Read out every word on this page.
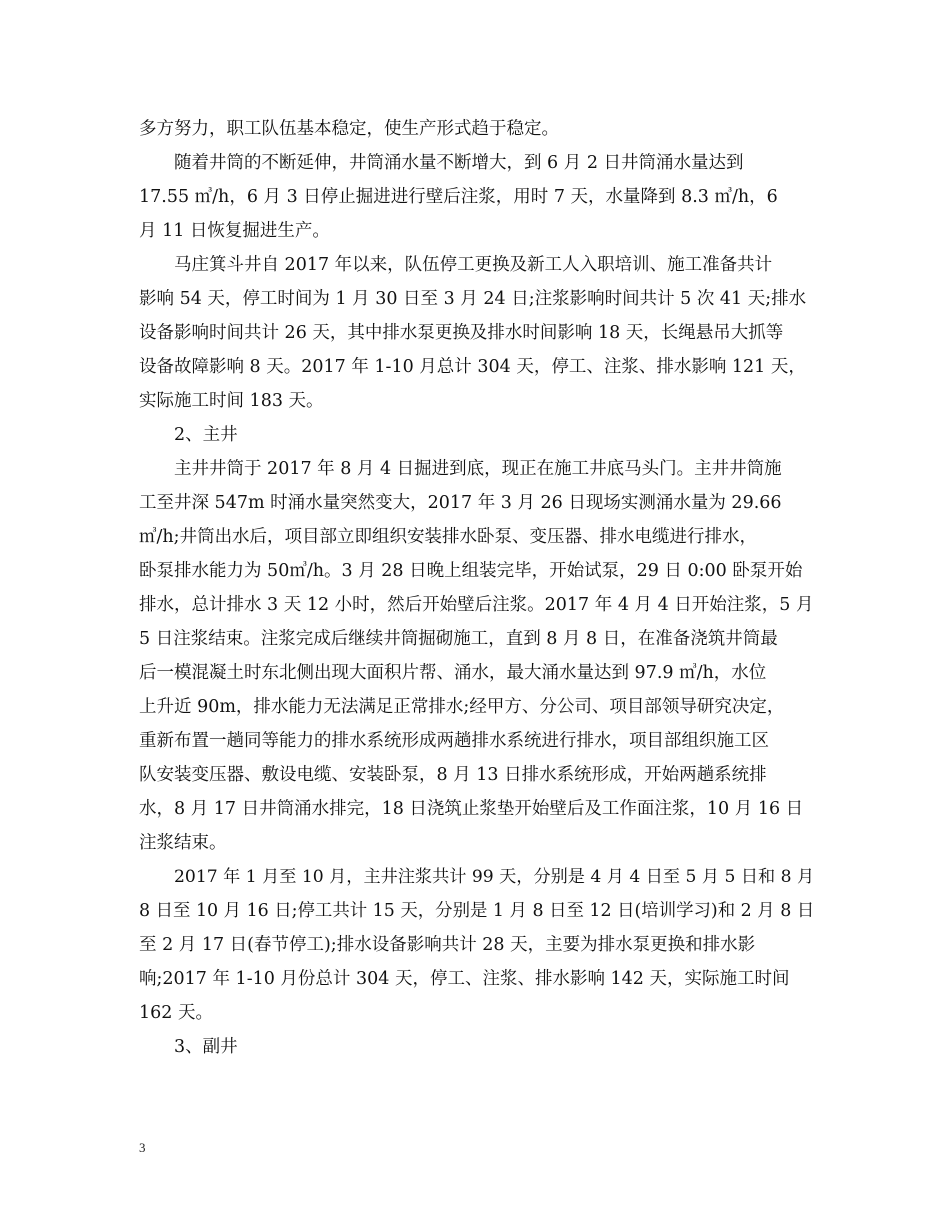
多方努力，职工队伍基本稳定，使生产形式趋于稳定。
随着井筒的不断延伸，井筒涌水量不断增大，到 6 月 2 日井筒涌水量达到
17.55 ㎥/h，6 月 3 日停止掘进进行壁后注浆，用时 7 天，水量降到 8.3 ㎥/h，6
月 11 日恢复掘进生产。
马庄箕斗井自 2017 年以来，队伍停工更换及新工人入职培训、施工准备共计
影响 54 天，停工时间为 1 月 30 日至 3 月 24 日;注浆影响时间共计 5 次 41 天;排水
设备影响时间共计 26 天，其中排水泵更换及排水时间影响 18 天，长绳悬吊大抓等
设备故障影响 8 天。2017 年 1-10 月总计 304 天，停工、注浆、排水影响 121 天，
实际施工时间 183 天。
2、主井
主井井筒于 2017 年 8 月 4 日掘进到底，现正在施工井底马头门。主井井筒施
工至井深 547m 时涌水量突然变大，2017 年 3 月 26 日现场实测涌水量为 29.66
㎥/h;井筒出水后，项目部立即组织安装排水卧泵、变压器、排水电缆进行排水，
卧泵排水能力为 50㎥/h。3 月 28 日晚上组装完毕，开始试泵，29 日 0:00 卧泵开始
排水，总计排水 3 天 12 小时，然后开始壁后注浆。2017 年 4 月 4 日开始注浆，5 月
5 日注浆结束。注浆完成后继续井筒掘砌施工，直到 8 月 8 日，在准备浇筑井筒最
后一模混凝土时东北侧出现大面积片帮、涌水，最大涌水量达到 97.9 ㎥/h，水位
上升近 90m，排水能力无法满足正常排水;经甲方、分公司、项目部领导研究决定，
重新布置一趟同等能力的排水系统形成两趟排水系统进行排水，项目部组织施工区
队安装变压器、敷设电缆、安装卧泵，8 月 13 日排水系统形成，开始两趟系统排
水，8 月 17 日井筒涌水排完，18 日浇筑止浆垫开始壁后及工作面注浆，10 月 16 日
注浆结束。
2017 年 1 月至 10 月，主井注浆共计 99 天，分别是 4 月 4 日至 5 月 5 日和 8 月
8 日至 10 月 16 日;停工共计 15 天，分别是 1 月 8 日至 12 日(培训学习)和 2 月 8 日
至 2 月 17 日(春节停工);排水设备影响共计 28 天，主要为排水泵更换和排水影
响;2017 年 1-10 月份总计 304 天，停工、注浆、排水影响 142 天，实际施工时间
162 天。
3、副井
3
